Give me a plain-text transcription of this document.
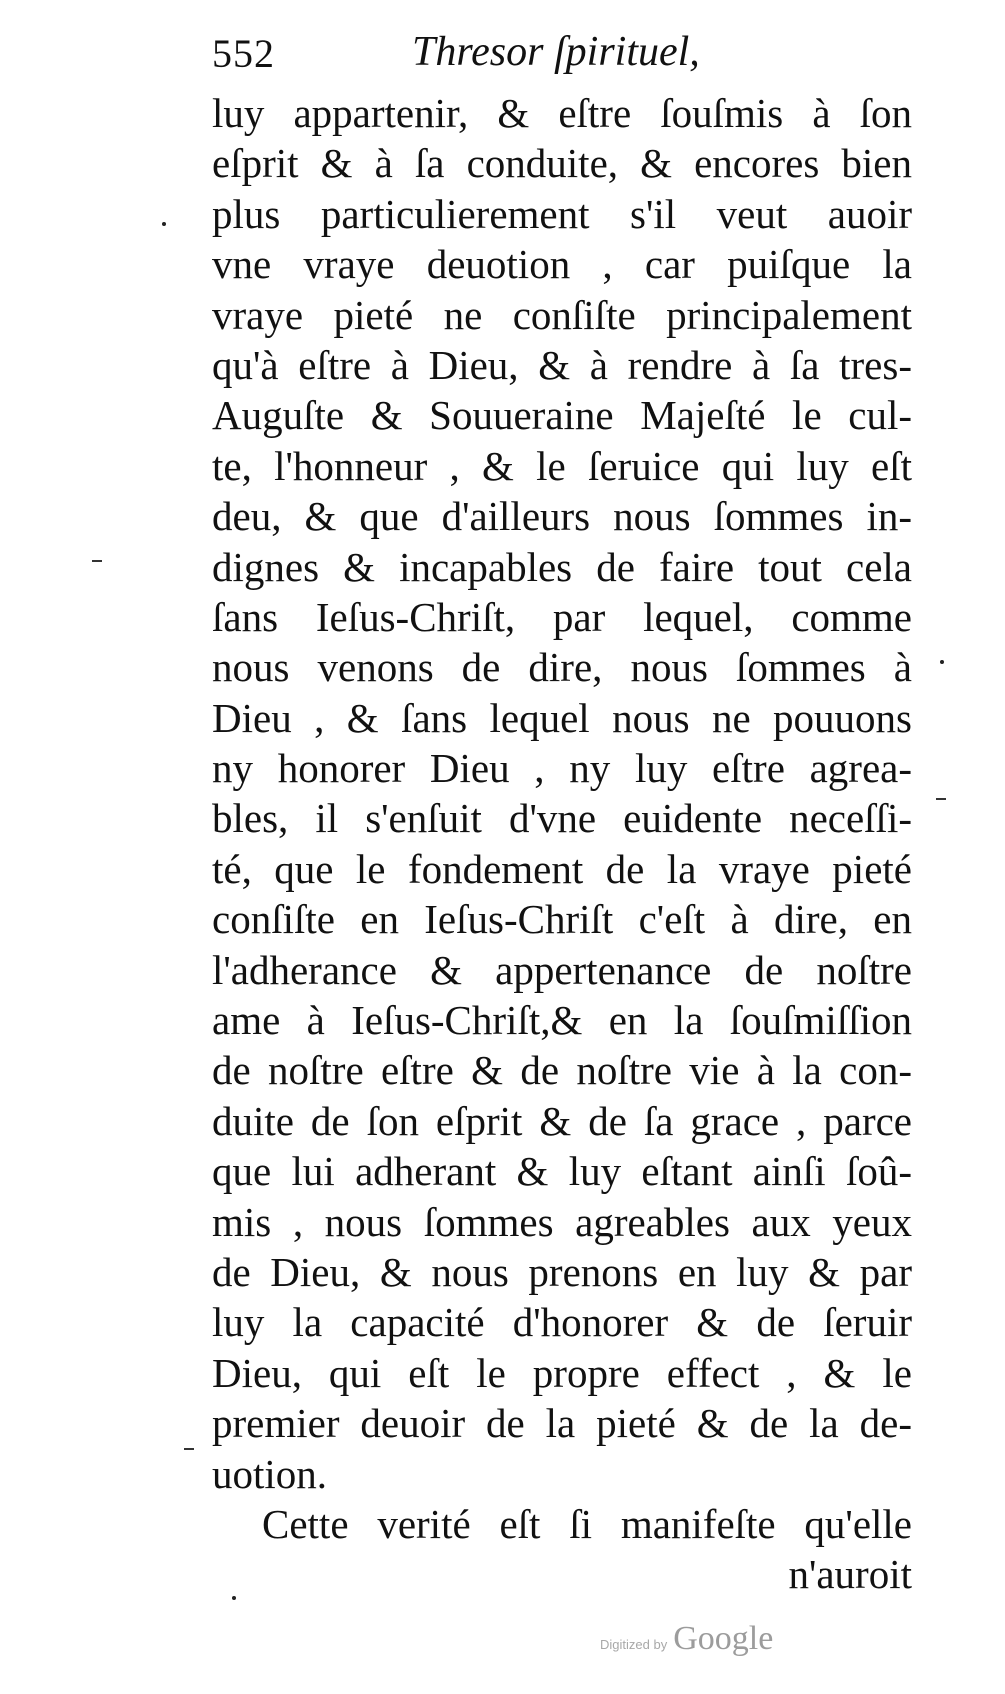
552	Thresor ſpirituel,
luy appartenir, & eſtre ſouſmis à ſon
eſprit & à ſa conduite, & encores bien
plus particulierement s'il veut auoir
vne vraye deuotion , car puiſque la
vraye pieté ne conſiſte principalement
qu'à eſtre à Dieu, & à rendre à ſa tres-
Auguſte & Souueraine Majeſté le cul-
te, l'honneur , & le ſeruice qui luy eſt
deu, & que d'ailleurs nous ſommes in-
dignes & incapables de faire tout cela
ſans Ieſus-Chriſt, par lequel, comme
nous venons de dire, nous ſommes à
Dieu , & ſans lequel nous ne pouuons
ny honorer Dieu , ny luy eſtre agrea-
bles, il s'enſuit d'vne euidente neceſſi-
té, que le fondement de la vraye pieté
conſiſte en Ieſus-Chriſt c'eſt à dire, en
l'adherance & appertenance de noſtre
ame à Ieſus-Chriſt,& en la ſouſmiſſion
de noſtre eſtre & de noſtre vie à la con-
duite de ſon eſprit & de ſa grace , parce
que lui adherant & luy eſtant ainſi ſoû-
mis , nous ſommes agreables aux yeux
de Dieu, & nous prenons en luy & par
luy la capacité d'honorer & de ſeruir
Dieu, qui eſt le propre effect , & le
premier deuoir de la pieté & de la de-
uotion.
Cette verité eſt ſi manifeſte qu'elle
n'auroit
Digitized by Google
